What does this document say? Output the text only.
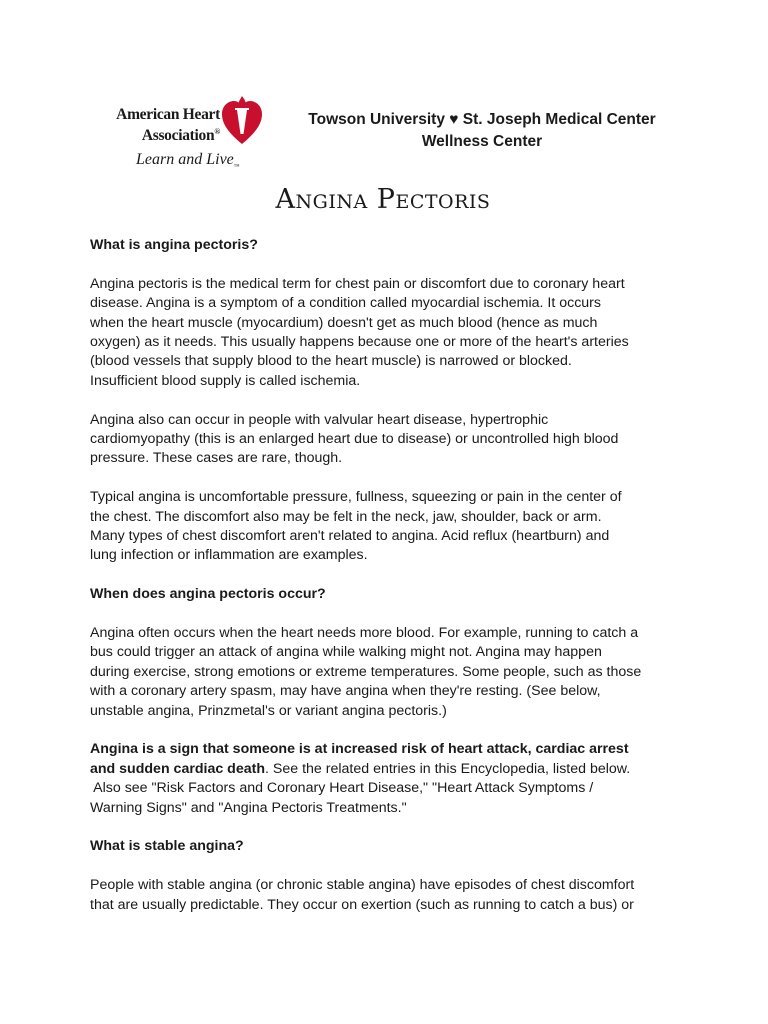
American Heart
Association®
Learn and Live$_™$
Towson University ♥ St. Joseph Medical Center
Wellness Center
Angina Pectoris

What is angina pectoris?

Angina pectoris is the medical term for chest pain or discomfort due to coronary heart
disease. Angina is a symptom of a condition called myocardial ischemia. It occurs
when the heart muscle (myocardium) doesn't get as much blood (hence as much
oxygen) as it needs. This usually happens because one or more of the heart's arteries
(blood vessels that supply blood to the heart muscle) is narrowed or blocked.
Insufficient blood supply is called ischemia.

Angina also can occur in people with valvular heart disease, hypertrophic
cardiomyopathy (this is an enlarged heart due to disease) or uncontrolled high blood
pressure. These cases are rare, though.

Typical angina is uncomfortable pressure, fullness, squeezing or pain in the center of
the chest. The discomfort also may be felt in the neck, jaw, shoulder, back or arm.
Many types of chest discomfort aren't related to angina. Acid reflux (heartburn) and
lung infection or inflammation are examples.

When does angina pectoris occur?

Angina often occurs when the heart needs more blood. For example, running to catch a
bus could trigger an attack of angina while walking might not. Angina may happen
during exercise, strong emotions or extreme temperatures. Some people, such as those
with a coronary artery spasm, may have angina when they're resting. (See below,
unstable angina, Prinzmetal's or variant angina pectoris.)

Angina is a sign that someone is at increased risk of heart attack, cardiac arrest
and sudden cardiac death. See the related entries in this Encyclopedia, listed below.
Also see "Risk Factors and Coronary Heart Disease," "Heart Attack Symptoms /
Warning Signs" and "Angina Pectoris Treatments."

What is stable angina?

People with stable angina (or chronic stable angina) have episodes of chest discomfort
that are usually predictable. They occur on exertion (such as running to catch a bus) or
